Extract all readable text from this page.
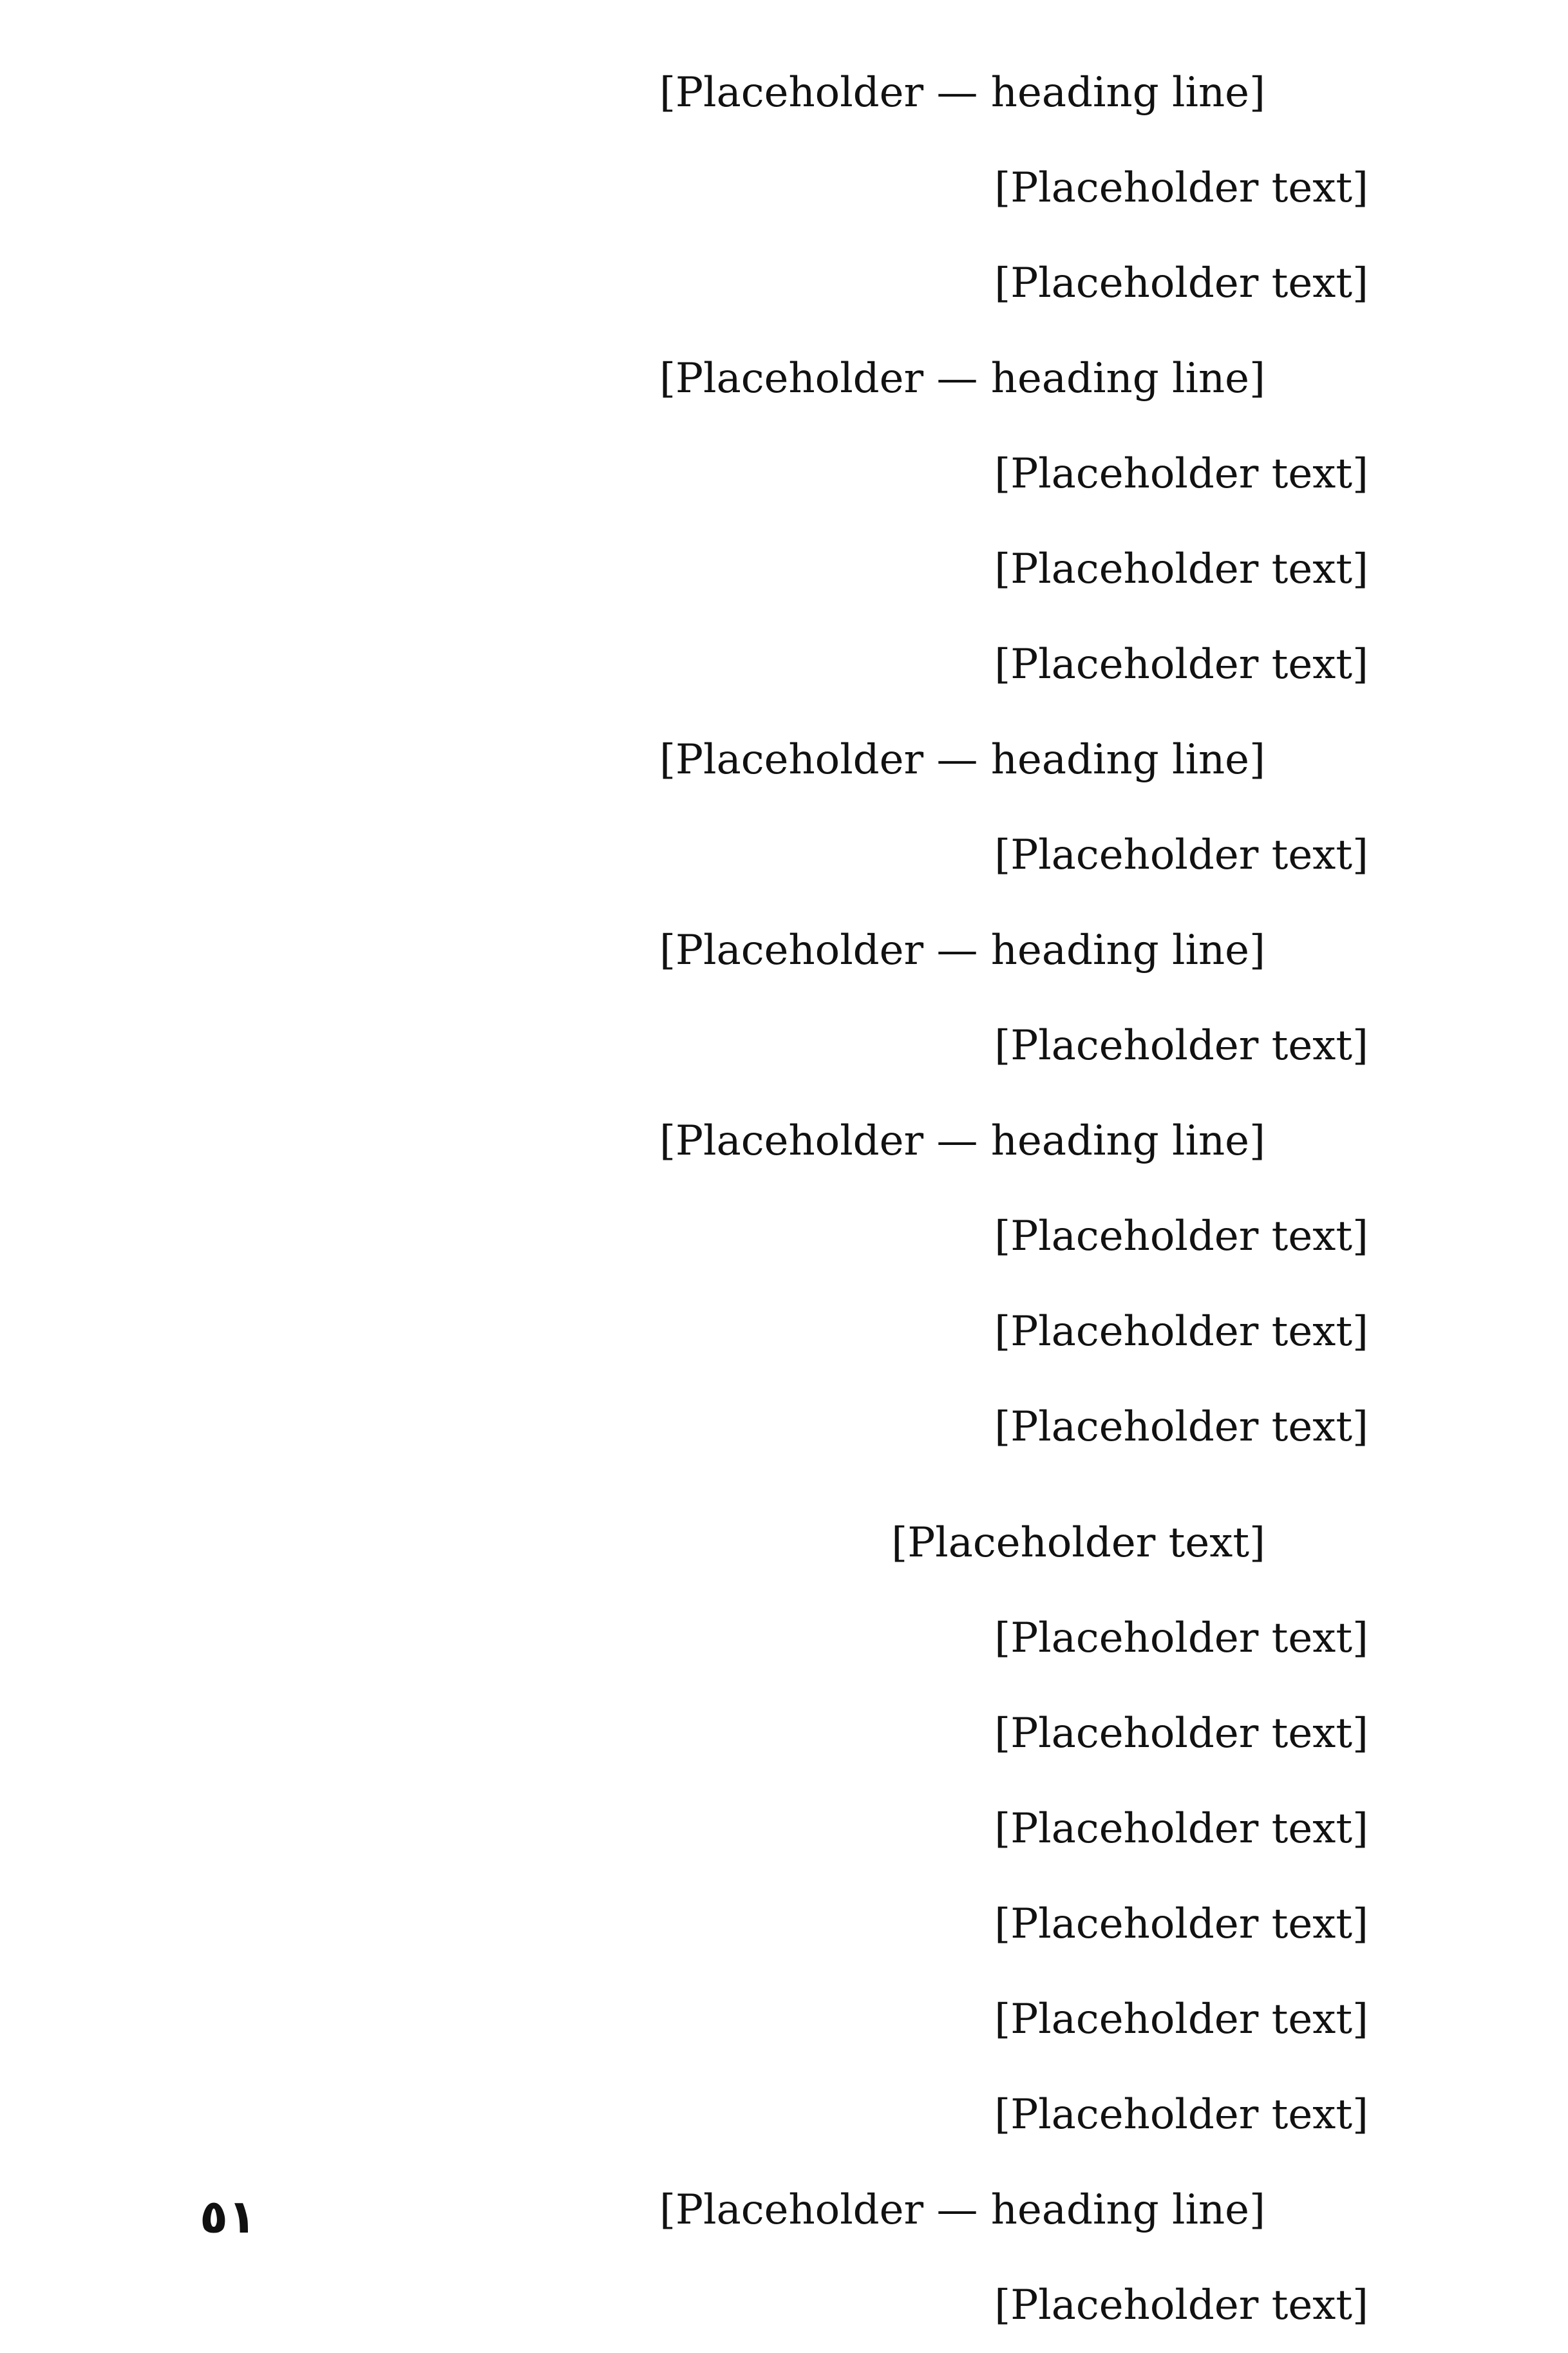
[Placeholder — heading line]
[Placeholder text]
[Placeholder text]
[Placeholder — heading line]
[Placeholder text]
[Placeholder text]
[Placeholder text]
[Placeholder — heading line]
[Placeholder text]
[Placeholder — heading line]
[Placeholder text]
[Placeholder — heading line]
[Placeholder text]
[Placeholder text]
[Placeholder text]
[Placeholder text]
[Placeholder text]
[Placeholder text]
[Placeholder text]
[Placeholder text]
[Placeholder text]
[Placeholder text]
[Placeholder — heading line]
[Placeholder text]
٥١
